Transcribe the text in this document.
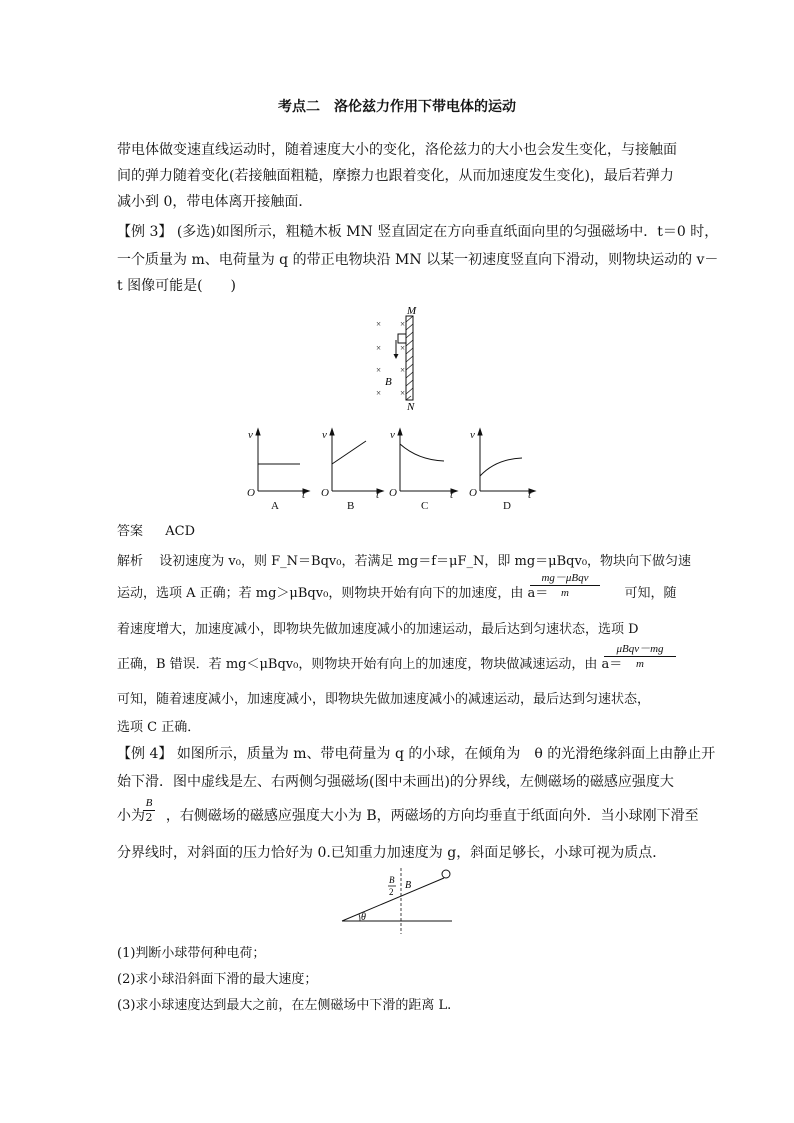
考点二　洛伦兹力作用下带电体的运动
带电体做变速直线运动时，随着速度大小的变化，洛伦兹力的大小也会发生变化，与接触面
间的弹力随着变化(若接触面粗糙，摩擦力也跟着变化，从而加速度发生变化)，最后若弹力
减小到 0，带电体离开接触面．
【例 3】 (多选)如图所示，粗糙木板 MN 竖直固定在方向垂直纸面向里的匀强磁场中．t＝0 时，
一个质量为 m、电荷量为 q 的带正电物块沿 MN 以某一初速度竖直向下滑动，则物块运动的 v－
t 图像可能是(　　)
× ×
× ×
× ×
× ×
M
N
B
v
O	t
v
O	t
v
O	t
v
O	t
A	B	C	D
答案 ACD
解析 设初速度为 v₀，则 F_N＝Bqv₀，若满足 mg＝f＝μF_N，即 mg＝μBqv₀，物块向下做匀速
运动，选项 A 正确；若 mg＞μBqv₀，则物块开始有向下的加速度，由 a＝	可知，随
mg－μBqv
m
着速度增大，加速度减小，即物块先做加速度减小的加速运动，最后达到匀速状态，选项 D
正确，B 错误．若 mg＜μBqv₀，则物块开始有向上的加速度，物块做减速运动，由 a＝
μBqv－mg
m
可知，随着速度减小，加速度减小，即物块先做加速度减小的减速运动，最后达到匀速状态，
选项 C 正确．
【例 4】 如图所示，质量为 m、带电荷量为 q 的小球，在倾角为　θ 的光滑绝缘斜面上由静止开
始下滑．图中虚线是左、右两侧匀强磁场(图中未画出)的分界线，左侧磁场的磁感应强度大
小为 ，右侧磁场的磁感应强度大小为 B，两磁场的方向均垂直于纸面向外．当小球刚下滑至
$\frac{B}{2}$
分界线时，对斜面的压力恰好为 0.已知重力加速度为 g，斜面足够长，小球可视为质点．
θ
B
2
B
(1)判断小球带何种电荷；
(2)求小球沿斜面下滑的最大速度；
(3)求小球速度达到最大之前，在左侧磁场中下滑的距离 L.
